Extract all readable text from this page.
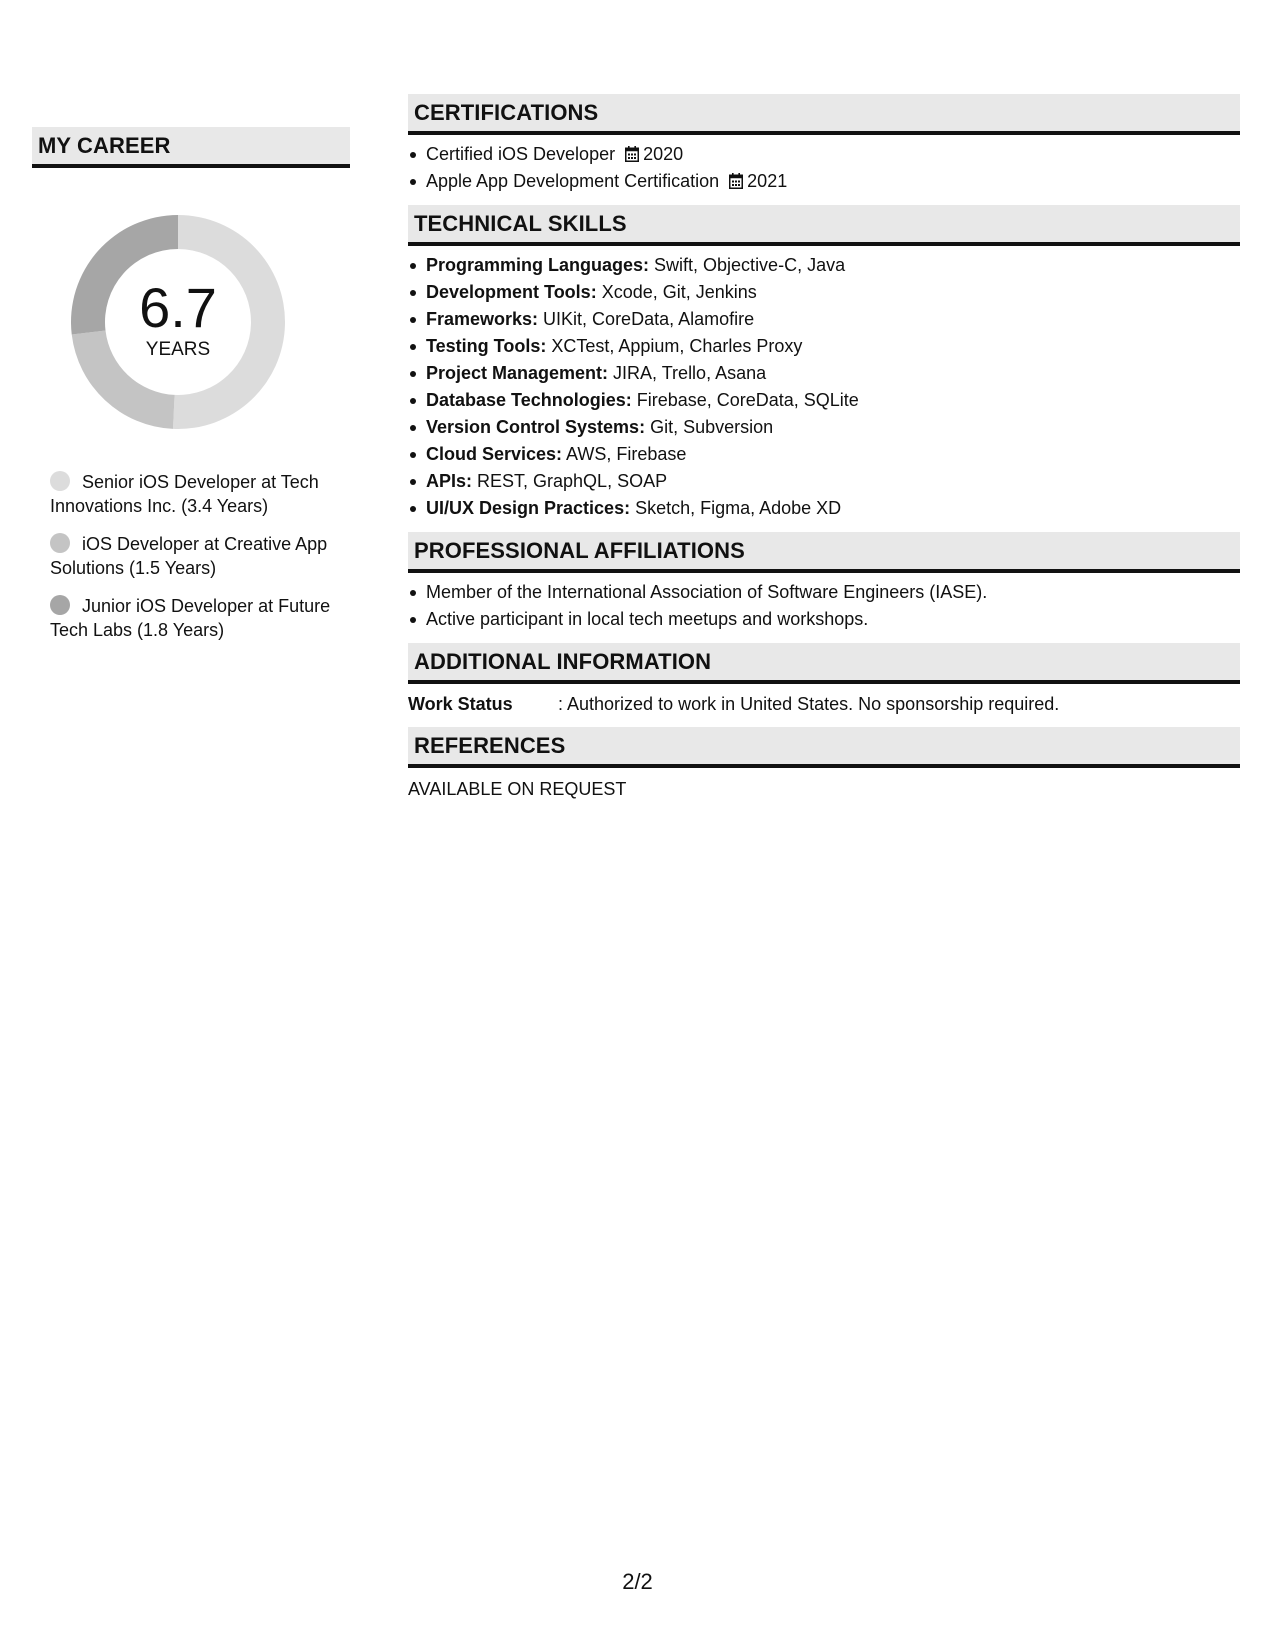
MY CAREER
6.7
YEARS
Senior iOS Developer at Tech Innovations Inc. (3.4 Years)
iOS Developer at Creative App Solutions (1.5 Years)
Junior iOS Developer at Future Tech Labs (1.8 Years)
CERTIFICATIONS
Certified iOS Developer 2020
Apple App Development Certification 2021
TECHNICAL SKILLS
Programming Languages: Swift, Objective-C, Java
Development Tools: Xcode, Git, Jenkins
Frameworks: UIKit, CoreData, Alamofire
Testing Tools: XCTest, Appium, Charles Proxy
Project Management: JIRA, Trello, Asana
Database Technologies: Firebase, CoreData, SQLite
Version Control Systems: Git, Subversion
Cloud Services: AWS, Firebase
APIs: REST, GraphQL, SOAP
UI/UX Design Practices: Sketch, Figma, Adobe XD
PROFESSIONAL AFFILIATIONS
Member of the International Association of Software Engineers (IASE).
Active participant in local tech meetups and workshops.
ADDITIONAL INFORMATION
Work Status	: Authorized to work in United States. No sponsorship required.
REFERENCES
AVAILABLE ON REQUEST
2/2
